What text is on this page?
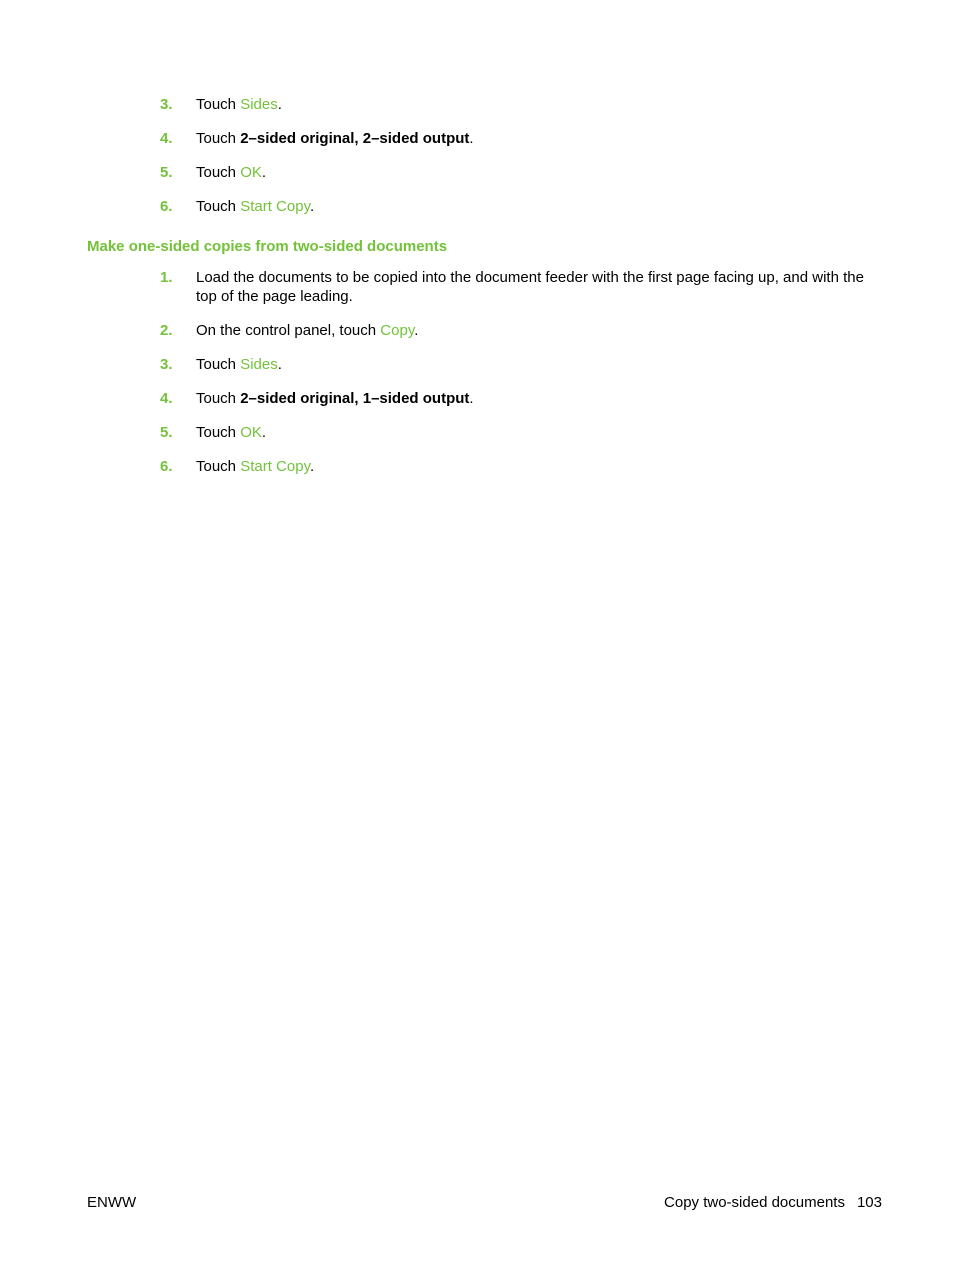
3. Touch Sides.
4. Touch 2–sided original, 2–sided output.
5. Touch OK.
6. Touch Start Copy.
Make one-sided copies from two-sided documents
1. Load the documents to be copied into the document feeder with the first page facing up, and with the top of the page leading.
2. On the control panel, touch Copy.
3. Touch Sides.
4. Touch 2–sided original, 1–sided output.
5. Touch OK.
6. Touch Start Copy.
ENWW	Copy two-sided documents 103
